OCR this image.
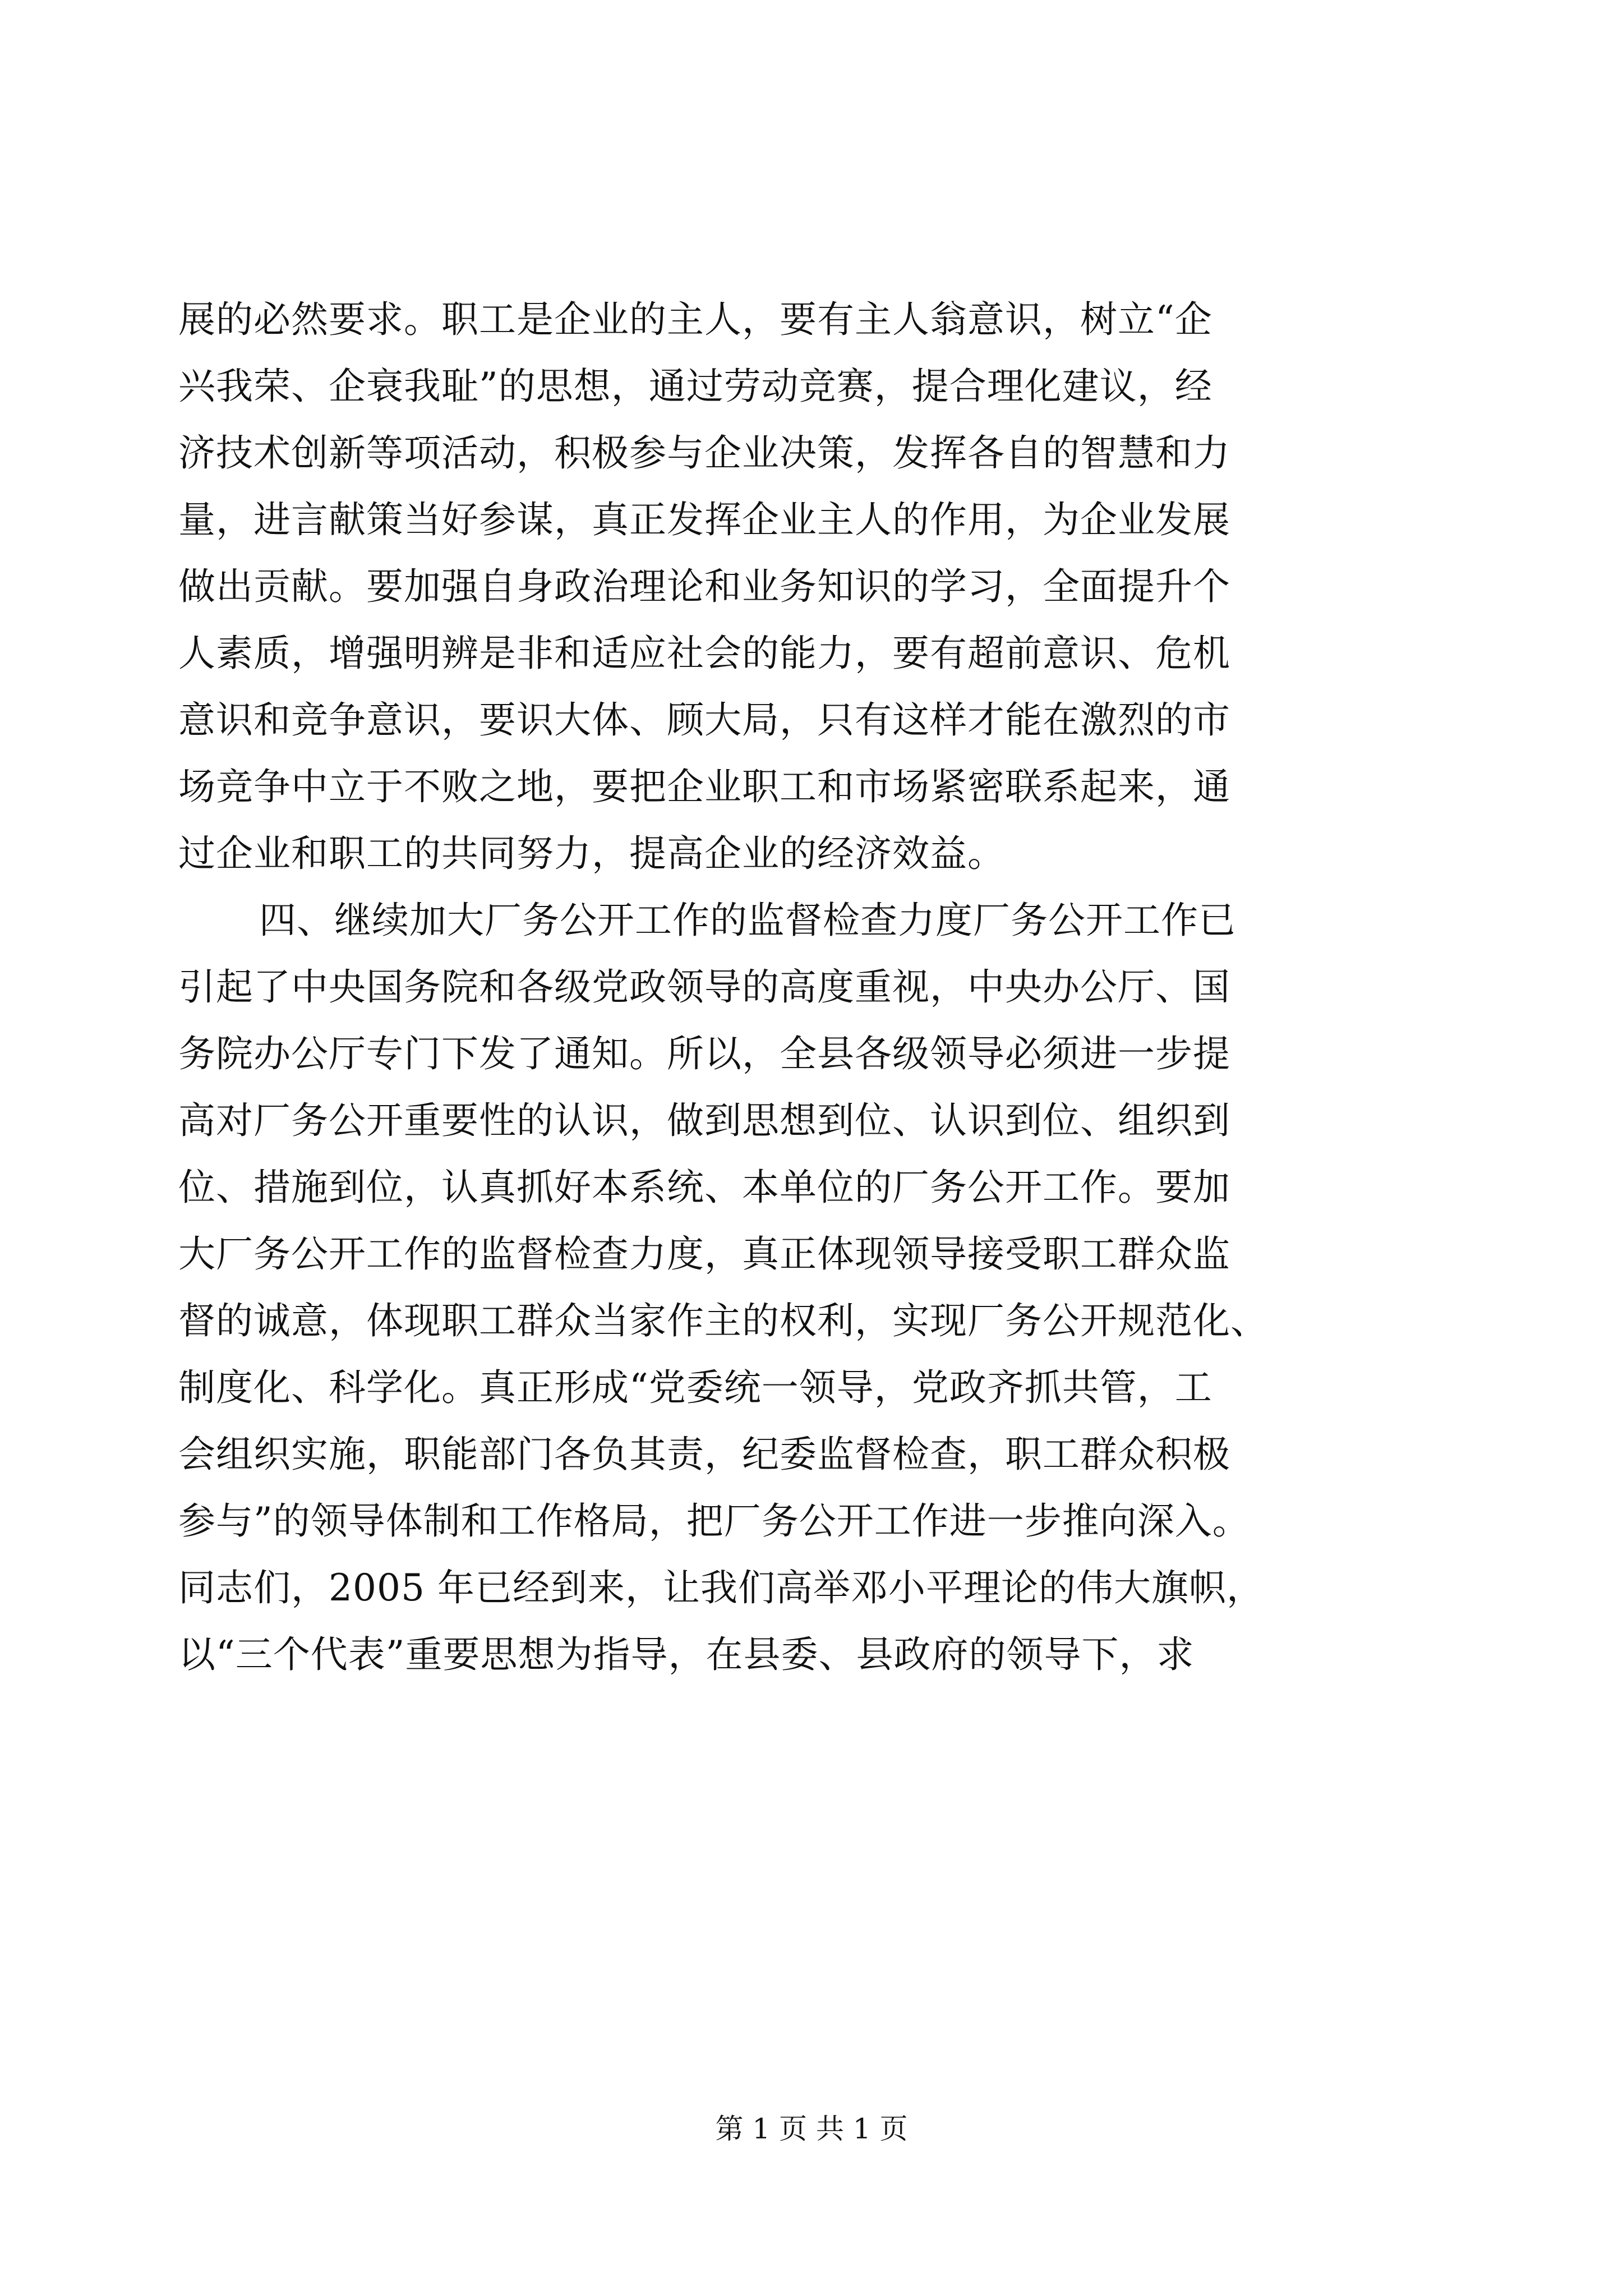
展的必然要求。职工是企业的主人，要有主人翁意识，树立“企
兴我荣、企衰我耻”的思想，通过劳动竞赛，提合理化建议，经
济技术创新等项活动，积极参与企业决策，发挥各自的智慧和力
量，进言献策当好参谋，真正发挥企业主人的作用，为企业发展
做出贡献。要加强自身政治理论和业务知识的学习，全面提升个
人素质，增强明辨是非和适应社会的能力，要有超前意识、危机
意识和竞争意识，要识大体、顾大局，只有这样才能在激烈的市
场竞争中立于不败之地，要把企业职工和市场紧密联系起来，通
过企业和职工的共同努力，提高企业的经济效益。
四、继续加大厂务公开工作的监督检查力度厂务公开工作已
引起了中央国务院和各级党政领导的高度重视，中央办公厅、国
务院办公厅专门下发了通知。所以，全县各级领导必须进一步提
高对厂务公开重要性的认识，做到思想到位、认识到位、组织到
位、措施到位，认真抓好本系统、本单位的厂务公开工作。要加
大厂务公开工作的监督检查力度，真正体现领导接受职工群众监
督的诚意，体现职工群众当家作主的权利，实现厂务公开规范化、
制度化、科学化。真正形成“党委统一领导，党政齐抓共管，工
会组织实施，职能部门各负其责，纪委监督检查，职工群众积极
参与”的领导体制和工作格局，把厂务公开工作进一步推向深入。
同志们，2005 年已经到来，让我们高举邓小平理论的伟大旗帜，
以“三个代表”重要思想为指导，在县委、县政府的领导下，求
第 1 页 共 1 页
